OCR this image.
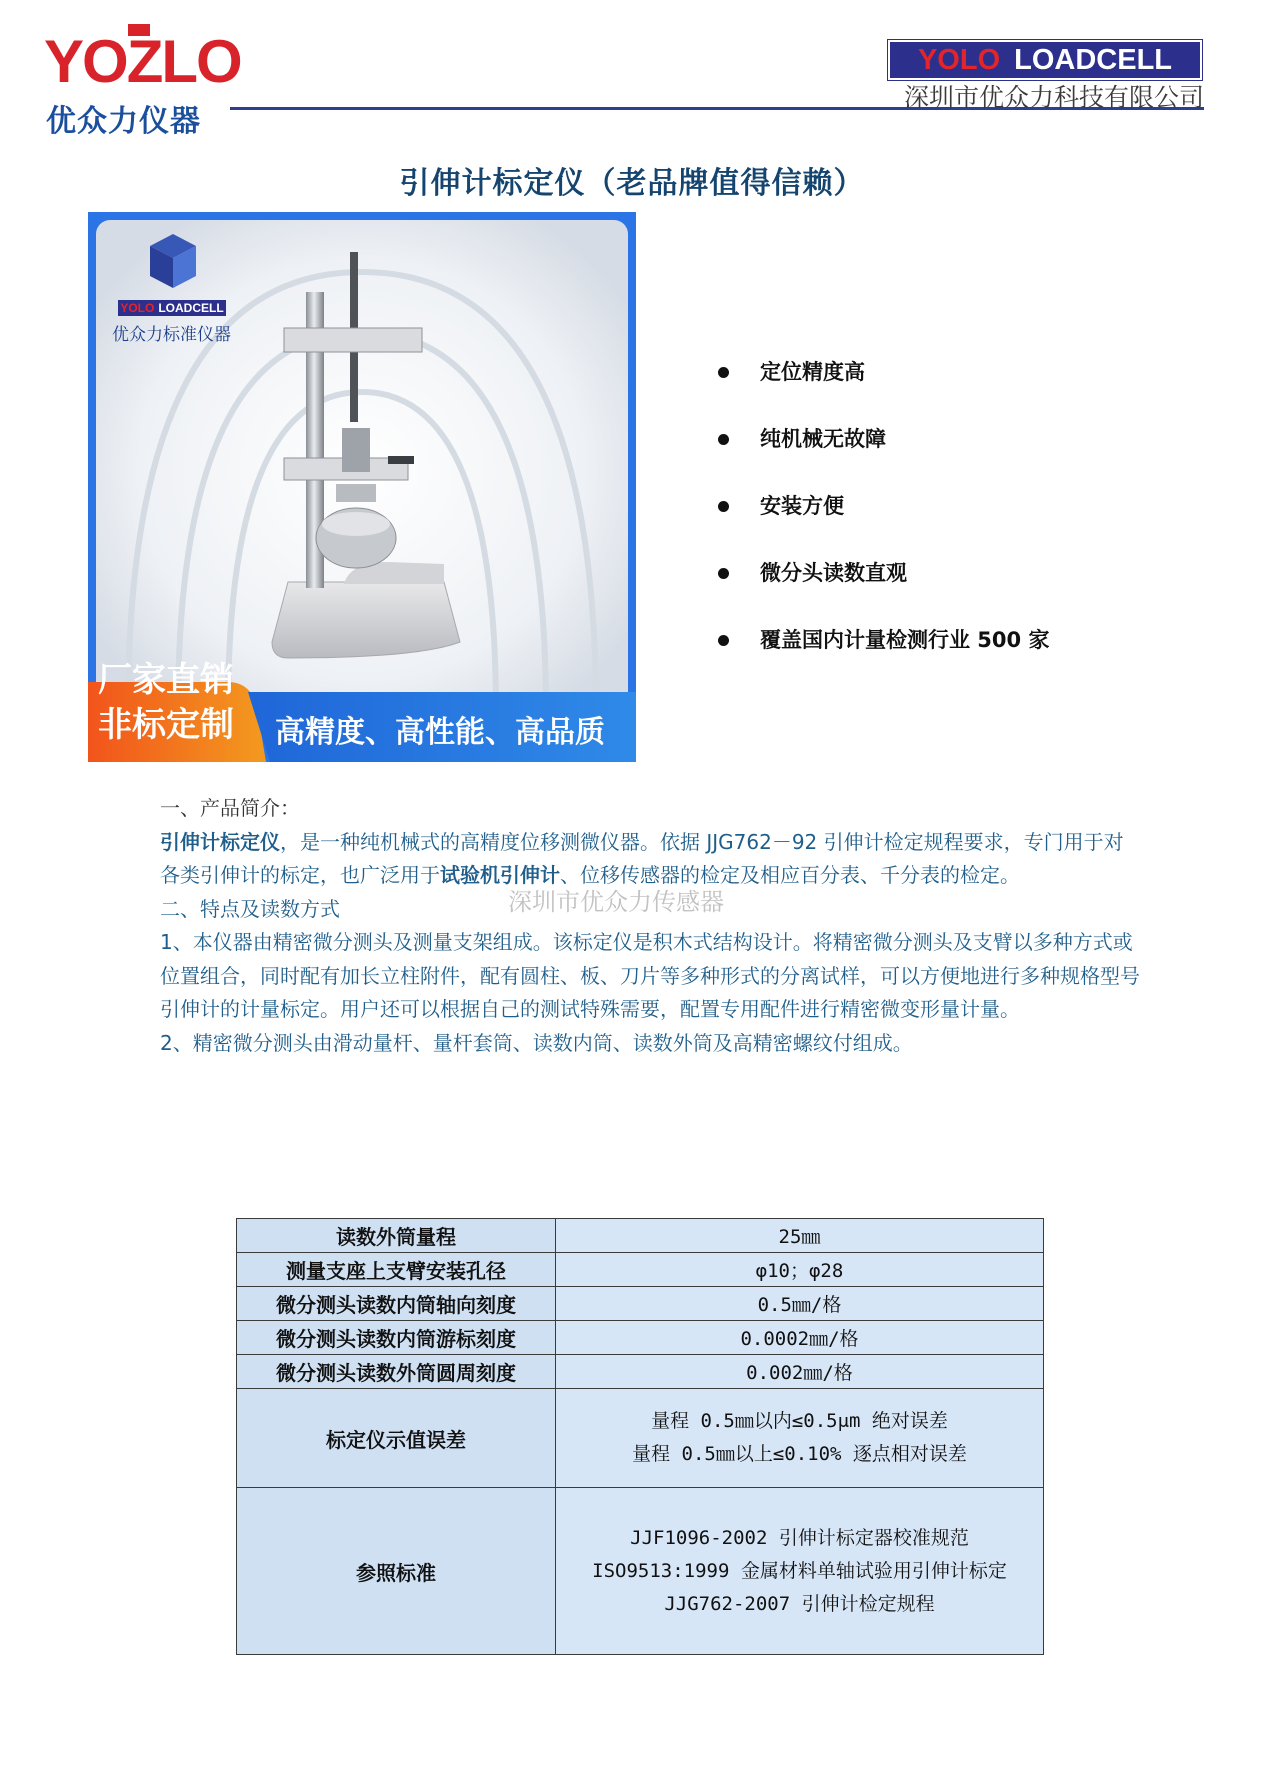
YOZLO
优众力仪器
YOLO LOADCELL
深圳市优众力科技有限公司
引伸计标定仪（老品牌值得信赖）
YOLO LOADCELL
优众力标准仪器
厂家直销
非标定制 高精度、高性能、高品质
定位精度高
纯机械无故障
安装方便
微分头读数直观
覆盖国内计量检测行业 500 家

一、产品简介：

引伸计标定仪，是一种纯机械式的高精度位移测微仪器。依据 JJG762－92 引伸计检定规程要求，专门用于对各类引伸计的标定，也广泛用于试验机引伸计、位移传感器的检定及相应百分表、千分表的检定。

二、特点及读数方式

1、本仪器由精密微分测头及测量支架组成。该标定仪是积木式结构设计。将精密微分测头及支臂以多种方式或位置组合，同时配有加长立柱附件，配有圆柱、板、刀片等多种形式的分离试样，可以方便地进行多种规格型号引伸计的计量标定。用户还可以根据自己的测试特殊需要，配置专用配件进行精密微变形量计量。

2、精密微分测头由滑动量杆、量杆套筒、读数内筒、读数外筒及高精密螺纹付组成。

深圳市优众力传感器
读数外筒量程	25㎜
测量支座上支臂安装孔径	φ10；φ28
微分测头读数内筒轴向刻度	0.5㎜/格
微分测头读数内筒游标刻度	0.0002㎜/格
微分测头读数外筒圆周刻度	0.002㎜/格
标定仪示值误差	量程 0.5㎜以内≤0.5μm 绝对误差
量程 0.5㎜以上≤0.10% 逐点相对误差

参照标准	JJF1096-2002 引伸计标定器校准规范
ISO9513:1999 金属材料单轴试验用引伸计标定
JJG762-2007 引伸计检定规程
